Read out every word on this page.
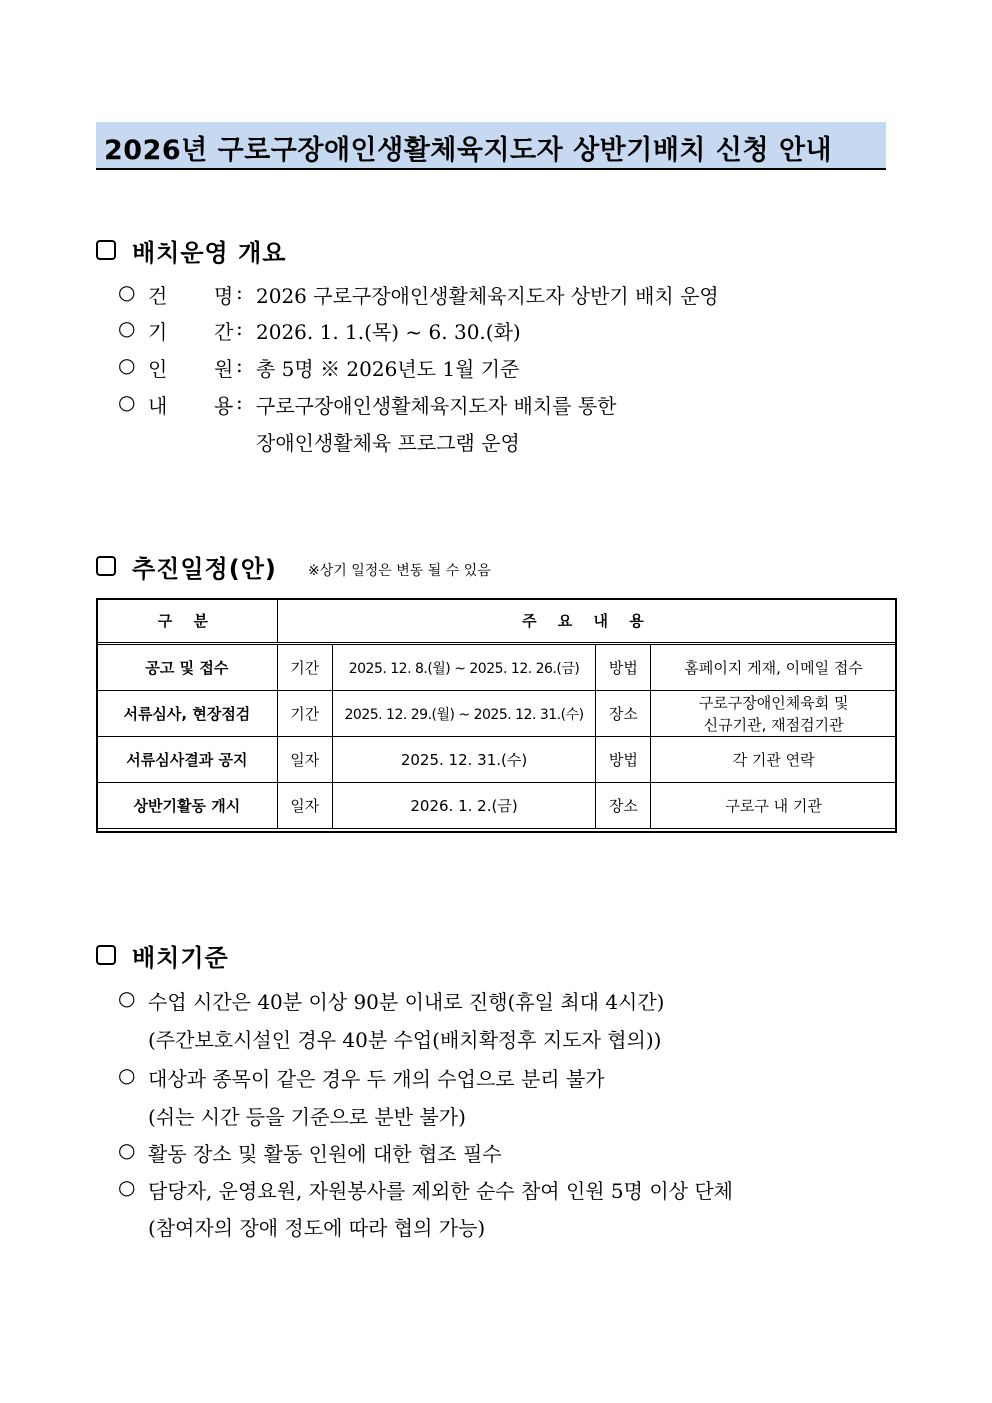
2026년 구로구장애인생활체육지도자 상반기배치 신청 안내
배치운영 개요
○ 건 명 : 2026 구로구장애인생활체육지도자 상반기 배치 운영
○ 기 간 : 2026. 1. 1.(목) ~ 6. 30.(화)
○ 인 원 : 총 5명 ※ 2026년도 1월 기준
○ 내 용 : 구로구장애인생활체육지도자 배치를 통한
장애인생활체육 프로그램 운영
추진일정(안) ※상기 일정은 변동 될 수 있음
구 분	주 요 내 용			
공고 및 접수	기간	2025. 12. 8.(월) ~ 2025. 12. 26.(금)	방법	홈페이지 게재, 이메일 접수
서류심사, 현장점검	기간	2025. 12. 29.(월) ~ 2025. 12. 31.(수)	장소	구로구장애인체육회 및
신규기관, 재점검기관

서류심사결과 공지	일자	2025. 12. 31.(수)	방법	각 기관 연락
상반기활동 개시	일자	2026. 1. 2.(금)	장소	구로구 내 기관
배치기준
○ 수업 시간은 40분 이상 90분 이내로 진행(휴일 최대 4시간)
(주간보호시설인 경우 40분 수업(배치확정후 지도자 협의))
○ 대상과 종목이 같은 경우 두 개의 수업으로 분리 불가
(쉬는 시간 등을 기준으로 분반 불가)
○ 활동 장소 및 활동 인원에 대한 협조 필수
○ 담당자, 운영요원, 자원봉사를 제외한 순수 참여 인원 5명 이상 단체
(참여자의 장애 정도에 따라 협의 가능)
